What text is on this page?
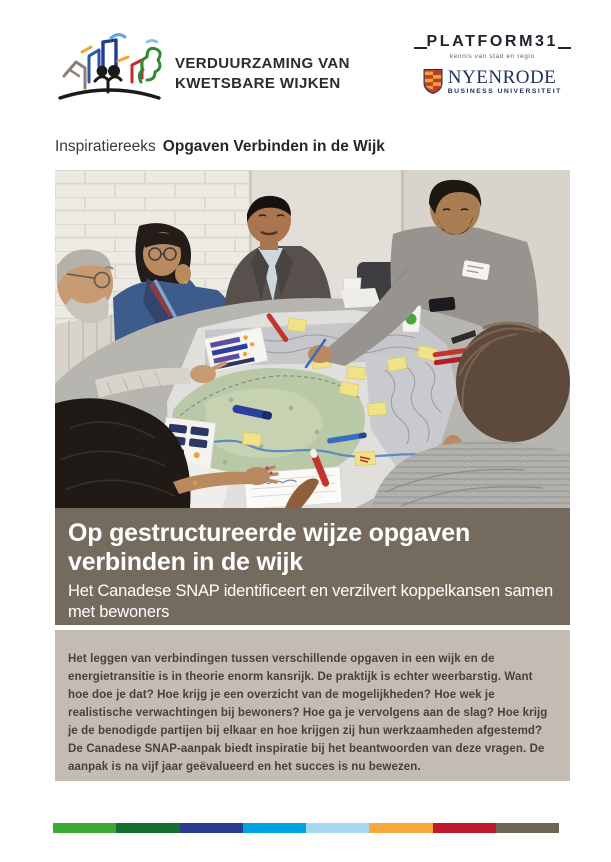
VERDUURZAMING VAN
KWETSBARE WIJKEN
PLATFORM31
kennis van stad en regio
NYENRODE
BUSINESS UNIVERSITEIT
Inspiratiereeks Opgaven Verbinden in de Wijk
Op gestructureerde wijze opgaven verbinden in de wijk
Het Canadese SNAP identificeert en verzilvert koppelkansen samen met bewoners
Het leggen van verbindingen tussen verschillende opgaven in een wijk en de energietransitie is in theorie enorm kansrijk. De praktijk is echter weerbarstig. Want hoe doe je dat? Hoe krijg je een overzicht van de mogelijkheden? Hoe wek je realistische verwachtingen bij bewoners? Hoe ga je vervolgens aan de slag? Hoe krijg je de benodigde partijen bij elkaar en hoe krijgen zij hun werkzaamheden afgestemd? De Canadese SNAP-aanpak biedt inspiratie bij het beantwoorden van deze vragen. De aanpak is na vijf jaar geëvalueerd en het succes is nu bewezen.
